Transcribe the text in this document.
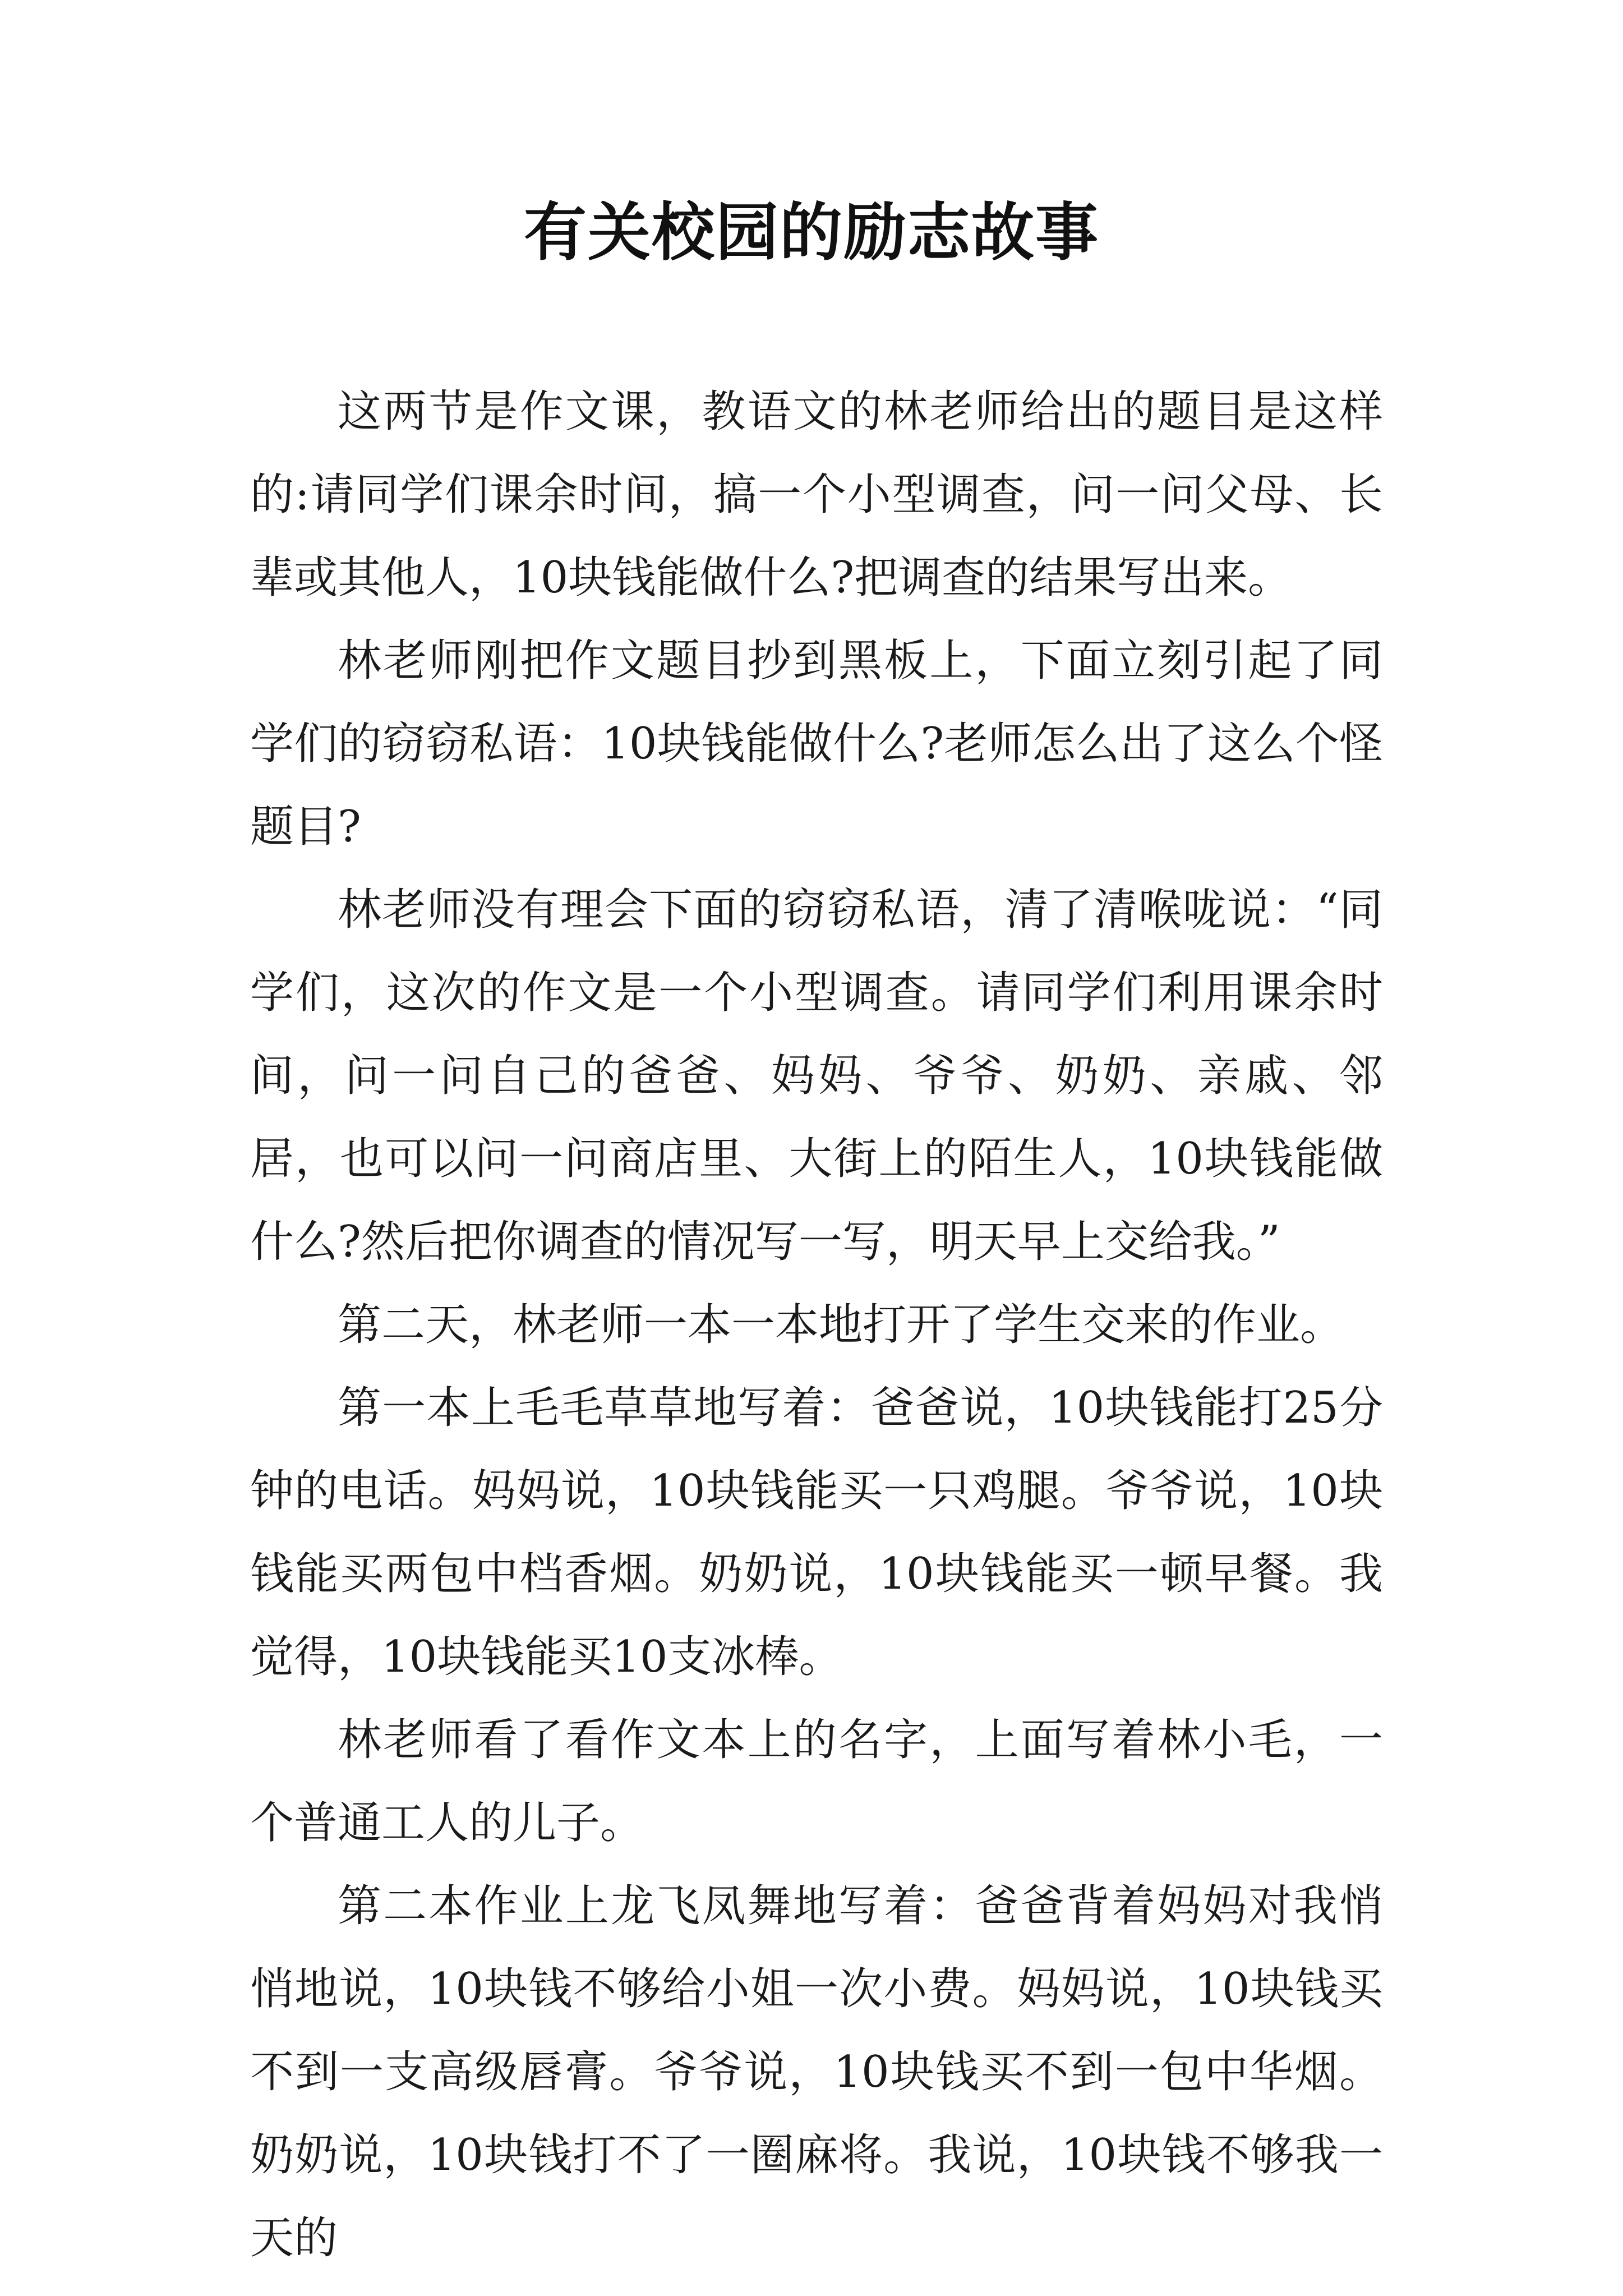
有关校园的励志故事

这两节是作文课，教语文的林老师给出的题目是这样的:请同学们课余时间，搞一个小型调查，问一问父母、长辈或其他人，10块钱能做什么?把调查的结果写出来。

林老师刚把作文题目抄到黑板上，下面立刻引起了同学们的窃窃私语：10块钱能做什么?老师怎么出了这么个怪题目?

林老师没有理会下面的窃窃私语，清了清喉咙说：“同学们，这次的作文是一个小型调查。请同学们利用课余时间，问一问自己的爸爸、妈妈、爷爷、奶奶、亲戚、邻居，也可以问一问商店里、大街上的陌生人，10块钱能做什么?然后把你调查的情况写一写，明天早上交给我。”

第二天，林老师一本一本地打开了学生交来的作业。

第一本上毛毛草草地写着：爸爸说，10块钱能打25分钟的电话。妈妈说，10块钱能买一只鸡腿。爷爷说，10块钱能买两包中档香烟。奶奶说，10块钱能买一顿早餐。我觉得，10块钱能买10支冰棒。

林老师看了看作文本上的名字，上面写着林小毛，一个普通工人的儿子。

第二本作业上龙飞凤舞地写着：爸爸背着妈妈对我悄悄地说，10块钱不够给小姐一次小费。妈妈说，10块钱买不到一支高级唇膏。爷爷说，10块钱买不到一包中华烟。奶奶说，10块钱打不了一圈麻将。我说，10块钱不够我一天的
